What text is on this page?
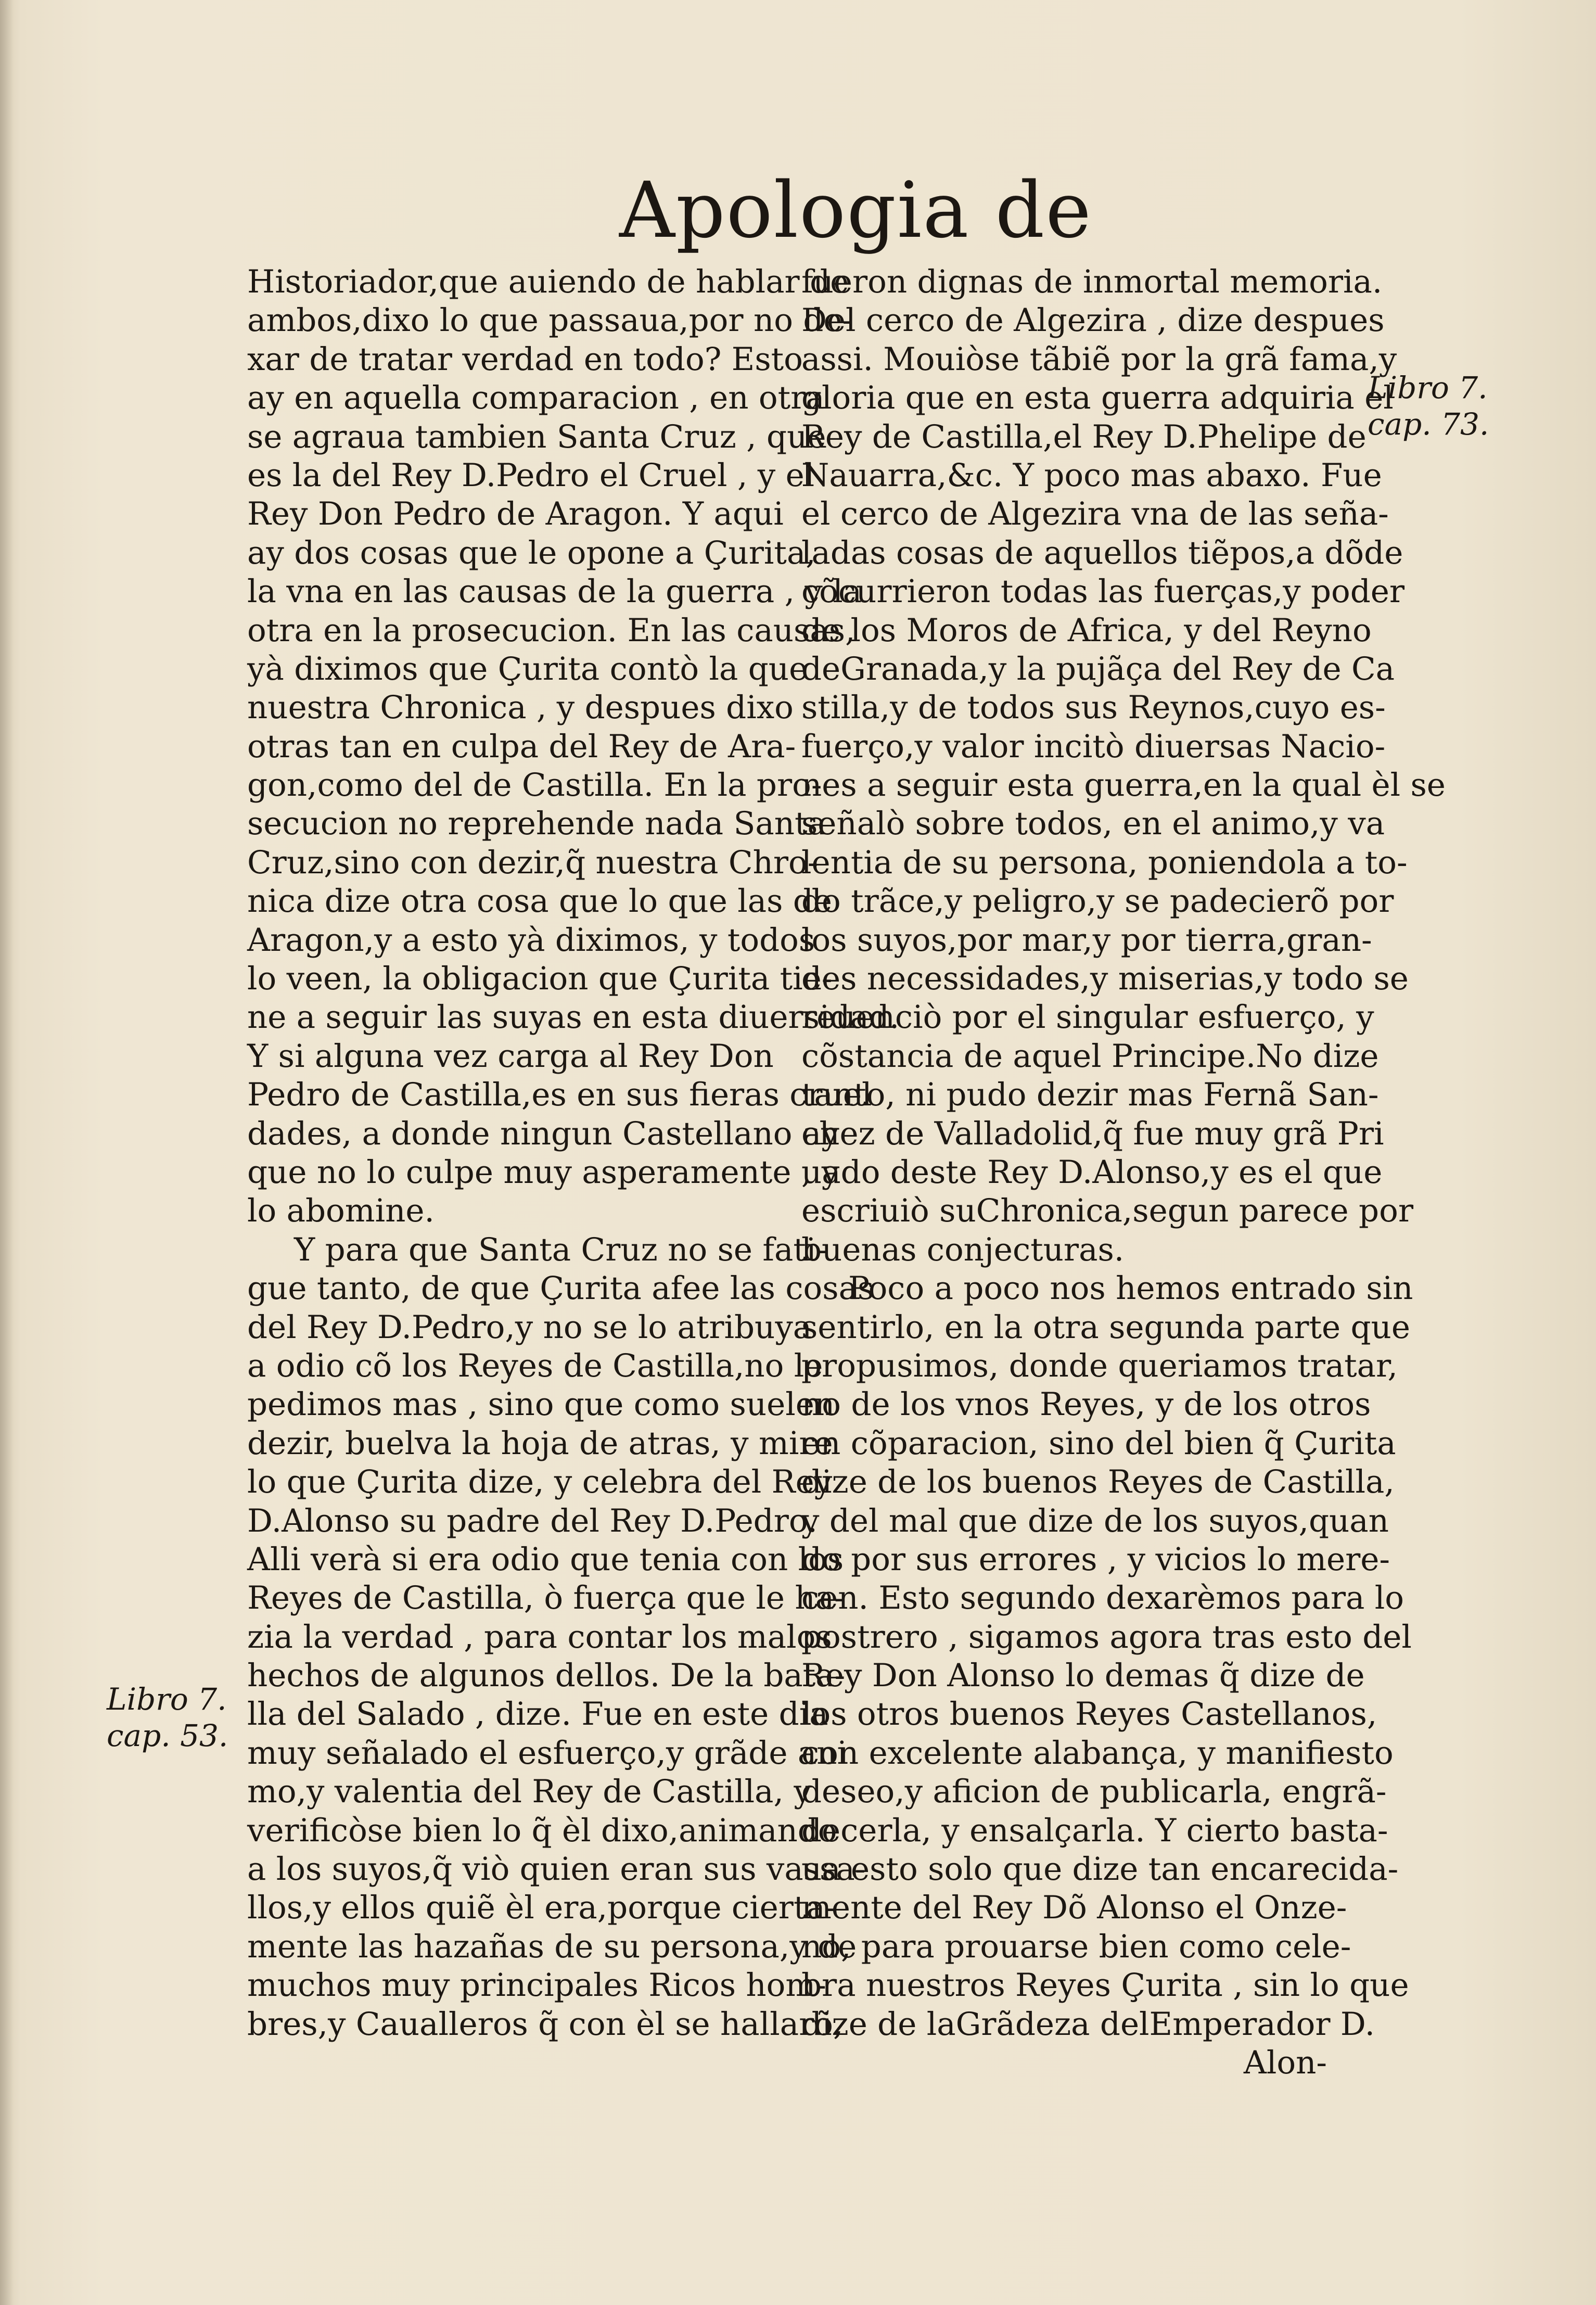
Apologia de
Libro 7.
cap. 73.
Libro 7.
cap. 53.
Historiador,que auiendo de hablar de
ambos,dixo lo que passaua,por no de-
xar de tratar verdad en todo? Esto
ay en aquella comparacion , en otra
se agraua tambien Santa Cruz , que
es la del Rey D.Pedro el Cruel , y el
Rey Don Pedro de Aragon. Y aqui
ay dos cosas que le opone a Çurita,
la vna en las causas de la guerra , y la
otra en la prosecucion. En las causas,
yà diximos que Çurita contò la que
nuestra Chronica , y despues dixo
otras tan en culpa del Rey de Ara-
gon,como del de Castilla. En la pro-
secucion no reprehende nada Santa
Cruz,sino con dezir,q̃ nuestra Chro-
nica dize otra cosa que lo que las de
Aragon,y a esto yà diximos, y todos
lo veen, la obligacion que Çurita tie-
ne a seguir las suyas en esta diuersidad.
Y si alguna vez carga al Rey Don
Pedro de Castilla,es en sus fieras cruel
dades, a donde ningun Castellano ay
que no lo culpe muy asperamente , y
lo abomine.
Y para que Santa Cruz no se fati-
gue tanto, de que Çurita afee las cosas
del Rey D.Pedro,y no se lo atribuya
a odio cõ los Reyes de Castilla,no le
pedimos mas , sino que como suelen
dezir, buelva la hoja de atras, y mire
lo que Çurita dize, y celebra del Rey
D.Alonso su padre del Rey D.Pedro.
Alli verà si era odio que tenia con los
Reyes de Castilla, ò fuerça que le ha-
zia la verdad , para contar los malos
hechos de algunos dellos. De la bata-
lla del Salado , dize. Fue en este dia
muy señalado el esfuerço,y grãde ani
mo,y valentia del Rey de Castilla, y
verificòse bien lo q̃ èl dixo,animando
a los suyos,q̃ viò quien eran sus vassa-
llos,y ellos quiẽ èl era,porque cierta-
mente las hazañas de su persona,y de
muchos muy principales Ricos hom-
bres,y Caualleros q̃ con èl se hallarõ,
fueron dignas de inmortal memoria.
Del cerco de Algezira , dize despues
assi. Mouiòse tãbiẽ por la grã fama,y
gloria que en esta guerra adquiria el
Rey de Castilla,el Rey D.Phelipe de
Nauarra,&c. Y poco mas abaxo. Fue
el cerco de Algezira vna de las seña-
ladas cosas de aquellos tiẽpos,a dõde
cõcurrieron todas las fuerças,y poder
de los Moros de Africa, y del Reyno
deGranada,y la pujãça del Rey de Ca
stilla,y de todos sus Reynos,cuyo es-
fuerço,y valor incitò diuersas Nacio-
nes a seguir esta guerra,en la qual èl se
señalò sobre todos, en el animo,y va
lentia de su persona, poniendola a to-
do trãce,y peligro,y se padecierõ por
los suyos,por mar,y por tierra,gran-
des necessidades,y miserias,y todo se
reuenciò por el singular esfuerço, y
cõstancia de aquel Principe.No dize
tanto, ni pudo dezir mas Fernã San-
chez de Valladolid,q̃ fue muy grã Pri
uado deste Rey D.Alonso,y es el que
escriuiò suChronica,segun parece por
buenas conjecturas.
Poco a poco nos hemos entrado sin
sentirlo, en la otra segunda parte que
propusimos, donde queriamos tratar,
no de los vnos Reyes, y de los otros
en cõparacion, sino del bien q̃ Çurita
dize de los buenos Reyes de Castilla,
y del mal que dize de los suyos,quan
do por sus errores , y vicios lo mere-
cen. Esto segundo dexarèmos para lo
postrero , sigamos agora tras esto del
Rey Don Alonso lo demas q̃ dize de
los otros buenos Reyes Castellanos,
con excelente alabança, y manifiesto
deseo,y aficion de publicarla, engrã-
decerla, y ensalçarla. Y cierto basta-
ua esto solo que dize tan encarecida-
mente del Rey Dõ Alonso el Onze-
no, para prouarse bien como cele-
bra nuestros Reyes Çurita , sin lo que
dize de laGrãdeza delEmperador D.
Alon-
